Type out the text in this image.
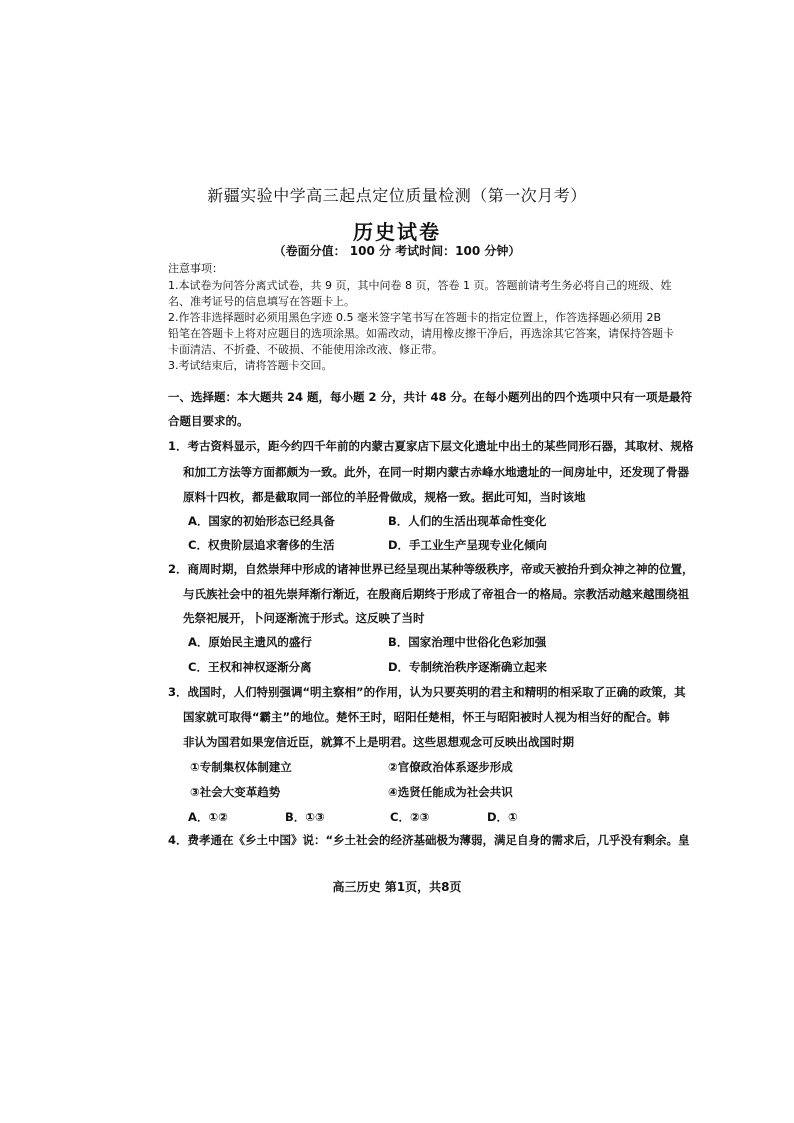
新疆实验中学高三起点定位质量检测（第一次月考）
历史试卷
（卷面分值： 100 分 考试时间：100 分钟）
注意事项：
1.本试卷为问答分离式试卷，共 9 页，其中问卷 8 页，答卷 1 页。答题前请考生务必将自己的班级、姓
名、准考证号的信息填写在答题卡上。
2.作答非选择题时必须用黑色字迹 0.5 毫米签字笔书写在答题卡的指定位置上，作答选择题必须用 2B
铅笔在答题卡上将对应题目的选项涂黑。如需改动，请用橡皮擦干净后，再选涂其它答案，请保持答题卡
卡面清洁、不折叠、不破损、不能使用涂改液、修正带。
3.考试结束后，请将答题卡交回。
一、选择题：本大题共 24 题，每小题 2 分，共计 48 分。在每小题列出的四个选项中只有一项是最符
合题目要求的。
1．考古资料显示，距今约四千年前的内蒙古夏家店下层文化遗址中出土的某些同形石器，其取材、规格
和加工方法等方面都颇为一致。此外，在同一时期内蒙古赤峰水地遗址的一间房址中，还发现了骨器
原料十四枚，都是截取同一部位的羊胫骨做成，规格一致。据此可知，当时该地
A．国家的初始形态已经具备	B．人们的生活出现革命性变化
C．权贵阶层追求奢侈的生活	D．手工业生产呈现专业化倾向
2．商周时期，自然崇拜中形成的诸神世界已经呈现出某种等级秩序，帝或天被抬升到众神之神的位置，
与氏族社会中的祖先崇拜渐行渐近，在殷商后期终于形成了帝祖合一的格局。宗教活动越来越围绕祖
先祭祀展开，卜问逐渐流于形式。这反映了当时
A．原始民主遗风的盛行	B．国家治理中世俗化色彩加强
C．王权和神权逐渐分离	D．专制统治秩序逐渐确立起来
3．战国时，人们特别强调“明主察相”的作用，认为只要英明的君主和精明的相采取了正确的政策，其
国家就可取得“霸主”的地位。楚怀王时，昭阳任楚相，怀王与昭阳被时人视为相当好的配合。韩
非认为国君如果宠信近臣，就算不上是明君。这些思想观念可反映出战国时期
①专制集权体制建立	②官僚政治体系逐步形成
③社会大变革趋势	④选贤任能成为社会共识
A．①②	B．①③	C．②③	D．①
4．费孝通在《乡土中国》说：“乡土社会的经济基础极为薄弱，满足自身的需求后，几乎没有剩余。皇
高三历史 第1页，共8页
